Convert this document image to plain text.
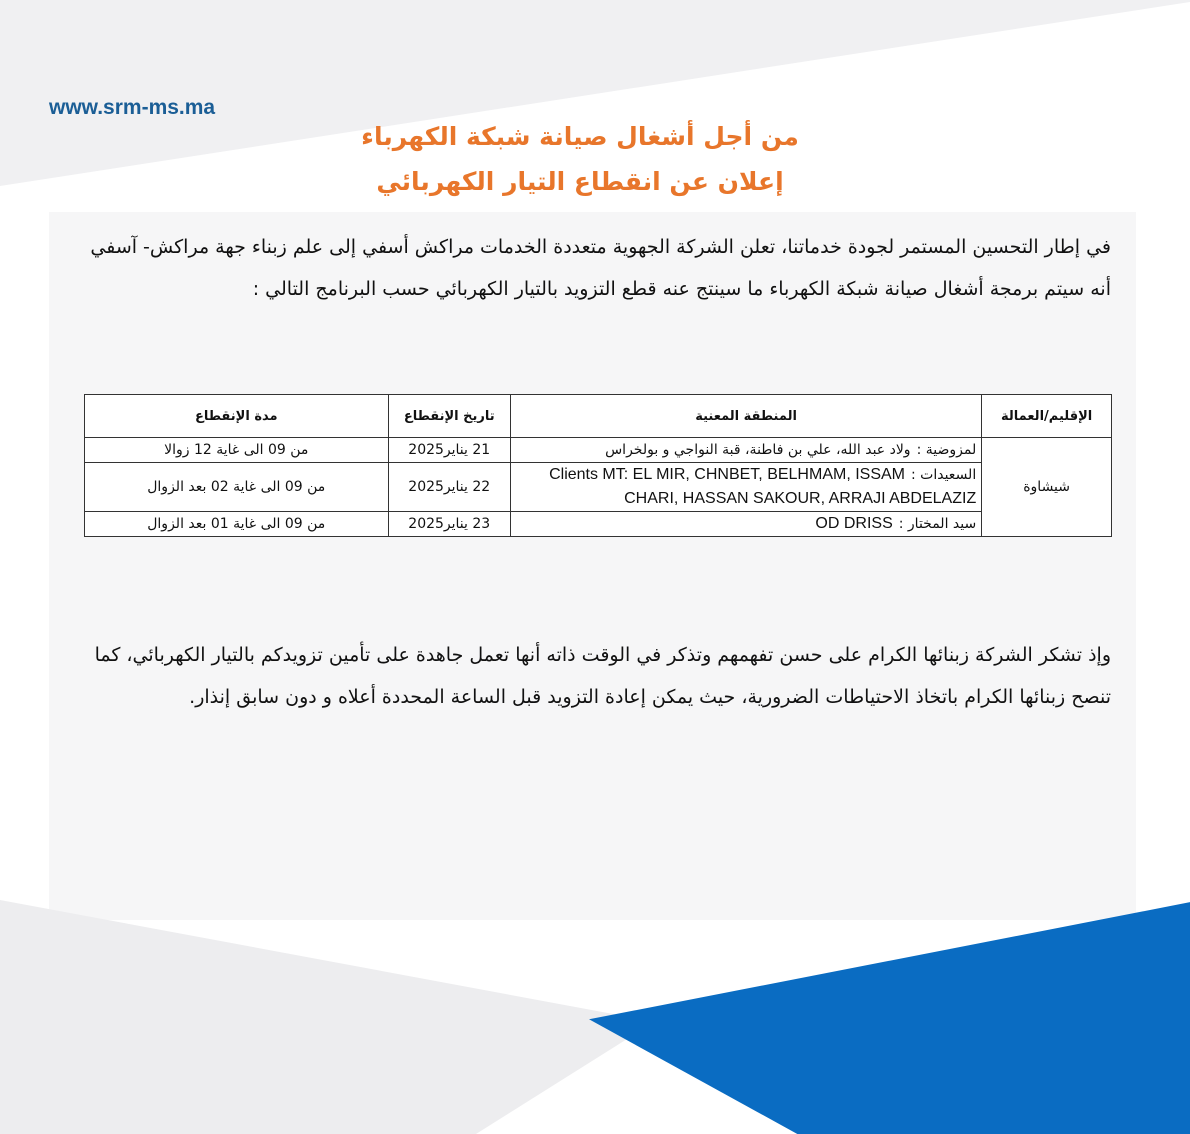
www.srm-ms.ma
من أجل أشغال صيانة شبكة الكهرباء
إعلان عن انقطاع التيار الكهربائي
في إطار التحسين المستمر لجودة خدماتنا، تعلن الشركة الجهوية متعددة الخدمات مراكش أسفي إلى علم زبناء جهة مراكش- آسفي أنه سيتم برمجة أشغال صيانة شبكة الكهرباء ما سينتج عنه قطع التزويد بالتيار الكهربائي حسب البرنامج التالي :
الإقليم/العمالة	المنطقة المعنية	تاريخ الإنقطاع	مدة الإنقطاع
شيشاوة	لمزوضية :ولاد عبد الله، علي بن فاطنة، قبة النواجي و بولخراس	21 يناير2025	من 09 الى غاية 12 زوالا
	السعيدات :Clients MT: EL MIR, CHNBET, BELHMAM, ISSAM CHARI, HASSAN SAKOUR, ARRAJI ABDELAZIZ	22 يناير2025	من 09 الى غاية 02 بعد الزوال
	سيد المختار :OD DRISS	23 يناير2025	من 09 الى غاية 01 بعد الزوال
وإذ تشكر الشركة زبنائها الكرام على حسن تفهمهم وتذكر في الوقت ذاته أنها تعمل جاهدة على تأمين تزويدكم بالتيار الكهربائي، كما تنصح زبنائها الكرام باتخاذ الاحتياطات الضرورية، حيث يمكن إعادة التزويد قبل الساعة المحددة أعلاه و دون سابق إنذار.
